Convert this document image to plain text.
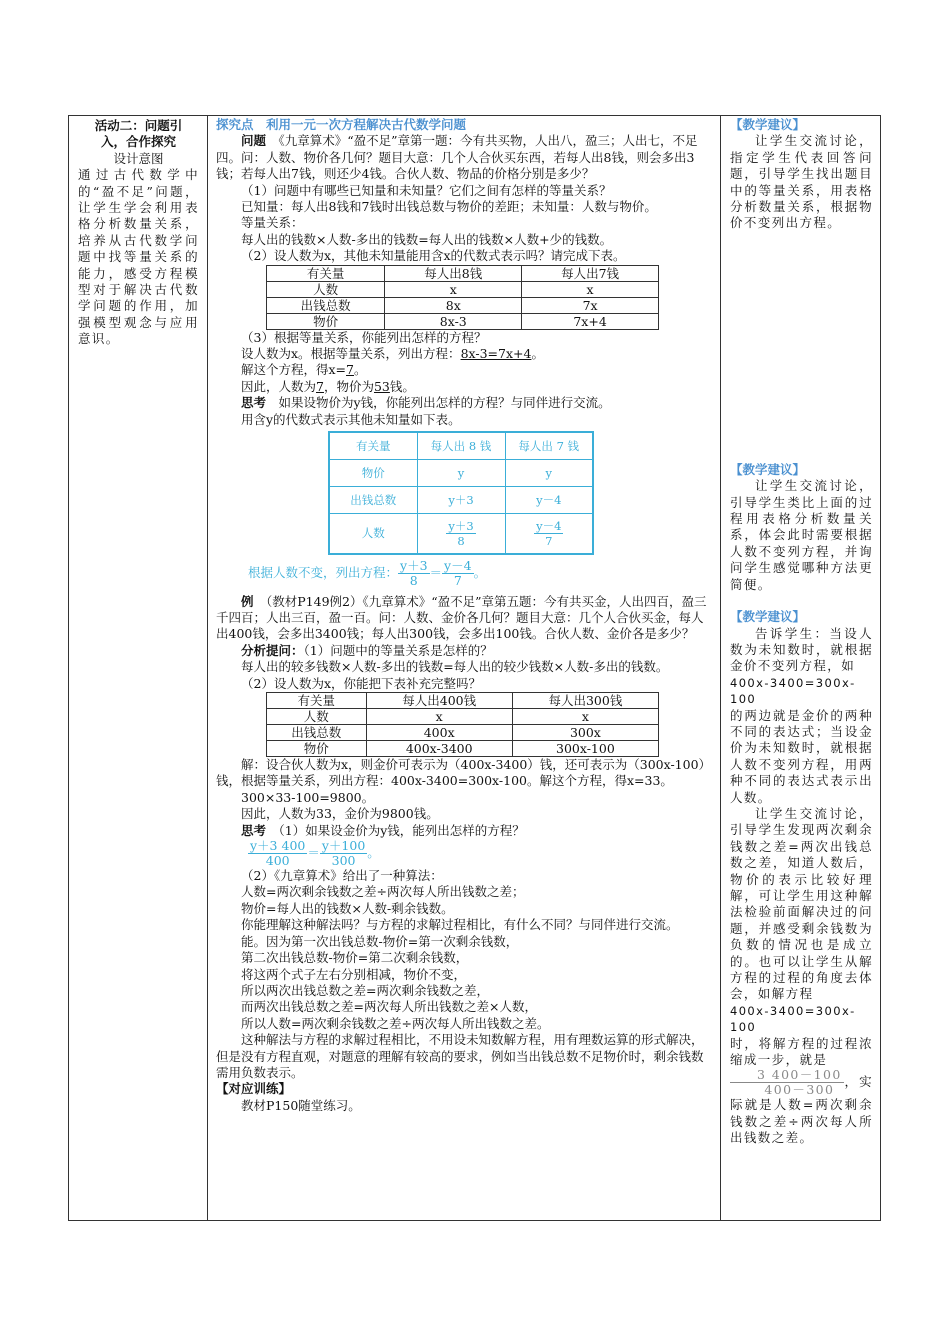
活动二：问题引

入，合作探究

设计意图

通过古代数学中的“盈不足”问题，让学生学会利用表格分析数量关系，培养从古代数学问题中找等量关系的能力，感受方程模型对于解决古代数学问题的作用，加强模型观念与应用意识。

探究点　利用一元一次方程解决古代数学问题

问题　《九章算术》“盈不足”章第一题：今有共买物，人出八，盈三；人出七，不足四。问：人数、物价各几何？题目大意：几个人合伙买东西，若每人出8钱，则会多出3钱；若每人出7钱，则还少4钱。合伙人数、物品的价格分别是多少？

（1）问题中有哪些已知量和未知量？它们之间有怎样的等量关系？

已知量：每人出8钱和7钱时出钱总数与物价的差距；未知量：人数与物价。

等量关系：

每人出的钱数×人数-多出的钱数=每人出的钱数×人数+少的钱数。

（2）设人数为x，其他未知量能用含x的代数式表示吗？请完成下表。

有关量	每人出8钱	每人出7钱
人数	x	x
出钱总数	8x	7x
物价	8x-3	7x+4

（3）根据等量关系，你能列出怎样的方程？

设人数为x。根据等量关系，列出方程：8x-3=7x+4。

解这个方程，得x=7。

因此，人数为7，物价为53钱。

思考　如果设物价为y钱，你能列出怎样的方程？与同伴进行交流。

用含y的代数式表示其他未知量如下表。

有关量	每人出 8 钱	每人出 7 钱
物价	y	y
出钱总数	y＋3	y－4
人数	$\frac{y+3}{8}$	$\frac{y-4}{7}$

根据人数不变，列出方程： $\frac{y+3}{8} = \frac{y-4}{7}$ 。

例　（教材P149例2）《九章算术》“盈不足”章第五题：今有共买金，人出四百，盈三千四百；人出三百，盈一百。问：人数、金价各几何？题目大意：几个人合伙买金，每人出400钱，会多出3400钱；每人出300钱，会多出100钱。合伙人数、金价各是多少？

分析提问：（1）问题中的等量关系是怎样的？

每人出的较多钱数×人数-多出的钱数=每人出的较少钱数×人数-多出的钱数。

（2）设人数为x，你能把下表补充完整吗？

有关量	每人出400钱	每人出300钱
人数	x	x
出钱总数	400x	300x
物价	400x-3400	300x-100

解：设合伙人数为x，则金价可表示为（400x-3400）钱，还可表示为（300x-100）钱，根据等量关系，列出方程：400x-3400=300x-100。解这个方程，得x=33。

300×33-100=9800。

因此，人数为33，金价为9800钱。

思考　（1）如果设金价为y钱，能列出怎样的方程？

$\frac{y+3 400}{400} = \frac{y+100}{300}$ 。

（2）《九章算术》给出了一种算法：

人数=两次剩余钱数之差÷两次每人所出钱数之差；

物价=每人出的钱数×人数-剩余钱数。

你能理解这种解法吗？与方程的求解过程相比，有什么不同？与同伴进行交流。

能。因为第一次出钱总数-物价=第一次剩余钱数，

第二次出钱总数-物价=第二次剩余钱数，

将这两个式子左右分别相减，物价不变，

所以两次出钱总数之差=两次剩余钱数之差，

而两次出钱总数之差=两次每人所出钱数之差×人数，

所以人数=两次剩余钱数之差÷两次每人所出钱数之差。

这种解法与方程的求解过程相比，不用设未知数解方程，用有理数运算的形式解决，但是没有方程直观，对题意的理解有较高的要求，例如当出钱总数不足物价时，剩余钱数需用负数表示。

【对应训练】

教材P150随堂练习。

【教学建议】

让学生交流讨论，指定学生代表回答问题，引导学生找出题目中的等量关系，用表格分析数量关系，根据物价不变列出方程。

【教学建议】

让学生交流讨论，引导学生类比上面的过程用表格分析数量关系，体会此时需要根据人数不变列方程，并询问学生感觉哪种方法更简便。

【教学建议】

告诉学生：当设人数为未知数时，就根据金价不变列方程，如
400x-3400=300x-100
的两边就是金价的两种不同的表达式；当设金价为未知数时，就根据人数不变列方程，用两种不同的表达式表示出人数。

让学生交流讨论，引导学生发现两次剩余钱数之差=两次出钱总数之差，知道人数后，物价的表示比较好理解，可让学生用这种解法检验前面解决过的问题，并感受剩余钱数为负数的情况也是成立的。也可以让学生从解方程的过程的角度去体会，如解方程
400x-3400=300x-100
时，将解方程的过程浓缩成一步，就是

$\frac{3 400-100}{400-300}$ ，实际就是人数=两次剩余钱数之差÷两次每人所出钱数之差。
